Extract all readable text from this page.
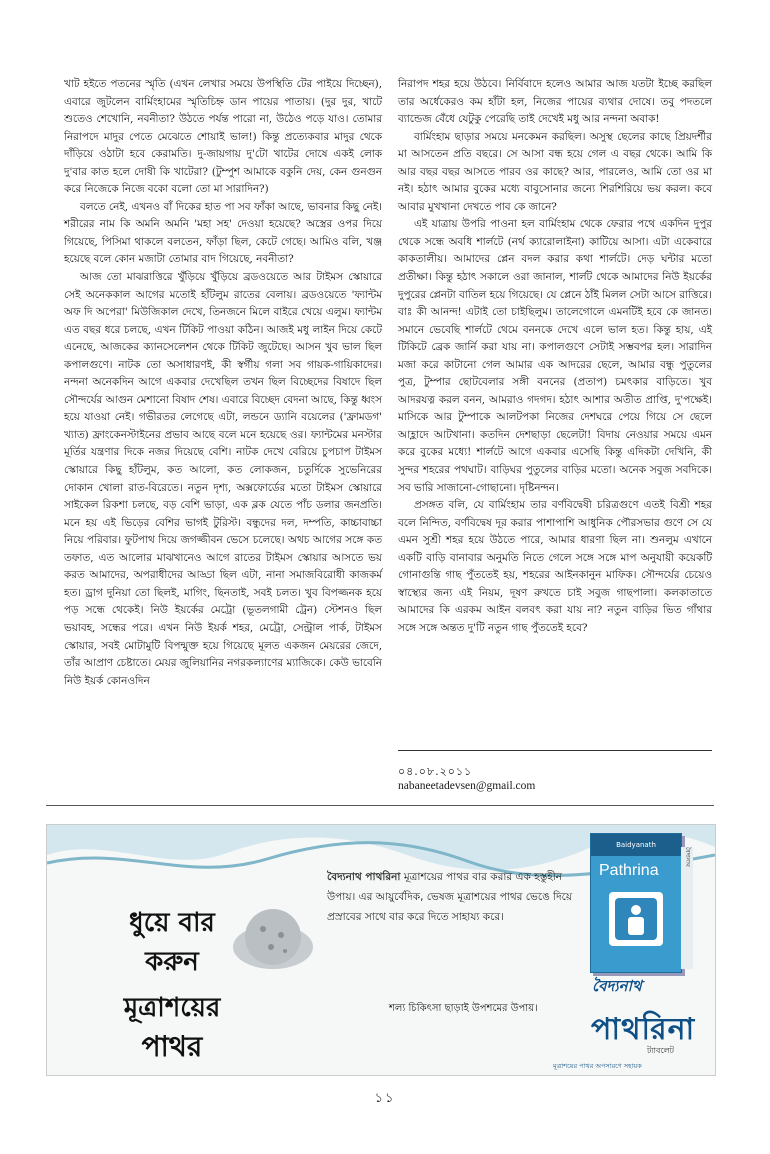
খাট হইতে পতনের স্মৃতি (এখন লেখার সময়ে উপস্থিতি টের পাইয়ে দিচ্ছেন), এবারে জুটলেন বার্মিংহামের স্মৃতিচিহ্ন ডান পায়ের পাতায়। (দুর দুর, খাটে শুতেও শেখোনি, নবনীতা? উঠতে পর্যন্ত পারো না, উঠেও পড়ে যাও। তোমার নিরাপদে মাদুর পেতে মেঝেতে শোয়াই ভাল!) কিন্তু প্রত্যেকবার মাদুর থেকে দাঁড়িয়ে ওঠাটা হবে কেরামতি। দু-জায়গায় দু'টো খাটের দোষে একই লোক দু'বার কাত হলে দোষী কি খাটেরা? (টুম্পুশ আমাকে বকুনি দেয়, কেন গুনগুন করে নিজেকে নিজে বকো বলো তো মা সারাদিন?)

বলতে নেই, এখনও বাঁ দিকের হাত পা সব ফাঁকা আছে, ভাবনার কিছু নেই। শরীরের নাম কি অমনি অমনি 'মহা সহ' দেওয়া হয়েছে? অস্ত্রের ওপর দিয়ে গিয়েছে, পিসিমা থাকলে বলতেন, ফাঁড়া ছিল, কেটে গেছে। আমিও বলি, খঞ্জ হয়েছে বলে কোন মজাটা তোমার বাদ গিয়েছে, নবনীতা?

আজ তো মাঝরাত্তিরে খুঁড়িয়ে খুঁড়িয়ে ব্রডওয়েতে আর টাইমস স্কোয়ারে সেই অনেককাল আগের মতোই হাঁটলুম রাতের বেলায়। ব্রডওয়েতে 'ফ্যান্টম অফ দি অপেরা' মিউজিকাল দেখে, তিনজনে মিলে বাইরে খেয়ে এলুম। ফ্যান্টম এত বছর ধরে চলছে, এখন টিকিট পাওয়া কঠিন। আজই মধু লাইন দিয়ে কেটে এনেছে, আজকের ক্যানসেলেশন থেকে টিকিট জুটেছে। আসন খুব ভাল ছিল কপালগুণে। নাটক তো অসাধারণই, কী স্বর্গীয় গলা সব গায়ক-গায়িকাদের। নন্দনা অনেকদিন আগে একবার দেখেছিল তখন ছিল বিচ্ছেদের বিষাদে ছিল সৌন্দর্যের আগুন মেশানো বিষাদ শেষ। এবারে বিচ্ছেদ বেদনা আছে, কিন্তু ধ্বংস হয়ে যাওয়া নেই। গভীরতর লেগেছে এটা, লন্ডনে ড্যানি বয়েলের ('ফ্রামডগ' খ্যাত) ফ্রাংকেনস্টাইনের প্রভাব আছে বলে মনে হয়েছে ওর। ফ্যান্টমের মনস্টার মূর্তির যন্ত্রণার দিকে নজর দিয়েছে বেশি। নাটক দেখে বেরিয়ে চুপচাপ টাইমস স্কোয়ারে কিছু হাঁটলুম, কত আলো, কত লোকজন, চতুর্দিকে সুভেনিরের দোকান খোলা রাত-বিরেতে। নতুন দৃশ্য, অক্সফোর্ডের মতো টাইমস স্কোয়ারে সাইকেল রিকশা চলছে, বড় বেশি ভাড়া, এক ব্লক যেতে পাঁচ ডলার জনপ্রতি। মনে হয় এই ভিড়ের বেশির ভাগই টুরিস্ট। বন্ধুদের দল, দম্পতি, কাচ্চাবাচ্চা নিয়ে পরিবার। ফুটপাথ দিয়ে জগজ্জীবন ভেসে চলেছে। অথচ আগের সঙ্গে কত তফাত, এত আলোর মাঝখানেও আগে রাতের টাইমস স্কোয়ার আসতে ভয় করত আমাদের, অপরাধীদের আড্ডা ছিল এটা, নানা সমাজবিরোধী কাজকর্ম হত। ড্রাগ দুনিয়া তো ছিলই, মাগিং, ছিনতাই, সবই চলত। খুব বিপজ্জনক হয়ে পড় সন্ধে থেকেই। নিউ ইয়র্কের মেট্রো (ভূতলগামী ট্রেন) স্টেশনও ছিল ভয়াবহ, সন্ধের পরে। এখন নিউ ইয়র্ক শহর, মেট্রো, সেন্ট্রাল পার্ক, টাইমস স্কোয়ার, সবই মোটামুটি বিপন্মুক্ত হয়ে গিয়েছে মূলত একজন মেয়রের জেদে, তাঁর আপ্রাণ চেষ্টাতে। মেয়র জুলিয়ানির নগরকল্যাণের ম্যাজিকে। কেউ ভাবেনি নিউ ইয়র্ক কোনওদিন

নিরাপদ শহর হয়ে উঠবে। নির্বিবাদে হলেও আমার আজ যতটা ইচ্ছে করছিল তার অর্ধেকেরও কম হাঁটা হল, নিজের পায়ের ব্যথার দোষে। তবু পদতলে ব্যান্ডেজ বেঁধে যেটুকু পেরেছি তাই দেখেই মধু আর নন্দনা অবাক!

বার্মিংহাম ছাড়ার সময়ে মনকেমন করছিল। অসুস্থ ছেলের কাছে প্রিয়দর্শীর মা আসতেন প্রতি বছরে। সে আসা বন্ধ হয়ে গেল এ বছর থেকে। আমি কি আর বছর বছর আসতে পারব ওর কাছে? আর, পারলেও, আমি তো ওর মা নই। হঠাৎ আমার বুকের মধ্যে বাবুসোনার জন্যে শিরশিরিয়ে ভয় করল। কবে আবার মুখখানা দেখতে পাব কে জানে?

এই যাত্রায় উপরি পাওনা হল বার্মিংহাম থেকে ফেরার পথে একদিন দুপুর থেকে সন্ধে অবধি শার্লটে (নর্থ ক্যারোলাইনা) কাটিয়ে আসা। এটা একেবারে কাকতালীয়। আমাদের প্লেন বদল করার কথা শার্লটে। দেড় ঘন্টার মতো প্রতীক্ষা। কিন্তু হঠাৎ সকালে ওরা জানাল, শার্লট থেকে আমাদের নিউ ইয়র্কের দুপুরের প্লেনটা বাতিল হয়ে গিয়েছে। যে প্লেনে ঠাঁই মিলল সেটা আসে রাত্তিরে। বাঃ কী আনন্দ! এটাই তো চাইছিলুম। তালেগোলে এমনটিই হবে কে জানত। সমানে ভেবেছি শার্লটে থেমে বননকে দেখে এলে ভাল হত। কিন্তু হায়, এই টিকিটে ব্রেক জার্নি করা যায় না। কপালগুণে সেটাই সম্ভবপর হল। সারাদিন মজা করে কাটানো গেল আমার এক আদরের ছেলে, আমার বন্ধু পুতুলের পুত্র, টুম্পার ছোটবেলার সঙ্গী বননের (প্রতাপ) চমৎকার বাড়িতে। খুব আদরযত্ন করল বনন, আমরাও গদগদ। হঠাৎ আশার অতীত প্রাপ্তি, দু'পক্ষেই। মাসিকে আর টুম্পাকে আলটপকা নিজের দেশঘরে পেয়ে গিয়ে সে ছেলে আহ্লাদে আটখানা। কতদিন দেশছাড়া ছেলেটা! বিদায় নেওয়ার সময়ে এমন করে বুকের মধ্যে! শার্লটে আগে একবার এসেছি কিন্তু এদিকটা দেখিনি, কী সুন্দর শহরের পথঘাট। বাড়িঘর পুতুলের বাড়ির মতো। অনেক সবুজ সবদিকে। সব ভারি সাজানো-গোছানো। দৃষ্টিনন্দন।

প্রসঙ্গত বলি, যে বার্মিংহাম তার বর্ণবিদ্বেষী চরিত্রগুণে এতই বিশ্রী শহর বলে নিন্দিত, বর্ণবিদ্বেষ দূর করার পাশাপাশি আধুনিক পৌরসভার গুণে সে যে এমন সুশ্রী শহর হয়ে উঠতে পারে, আমার ধারণা ছিল না। শুনলুম এখানে একটি বাড়ি বানাবার অনুমতি নিতে গেলে সঙ্গে সঙ্গে মাপ অনুযায়ী কয়েকটি গোনাগুন্তি গাছ পুঁততেই হয়, শহরের আইনকানুন মাফিক। সৌন্দর্যের চেয়েও স্বাস্থ্যের জন্য এই নিয়ম, দূষণ রুখতে চাই সবুজ গাছপালা। কলকাতাতে আমাদের কি এরকম আইন বলবৎ করা যায় না? নতুন বাড়ির ভিত গাঁথার সঙ্গে সঙ্গে অন্তত দু'টি নতুন গাছ পুঁততেই হবে?

০৪.০৮.২০১১
nabaneetadevsen@gmail.com
ধুয়ে বার
করুন
মূত্রাশয়ের
পাথর
বৈদ্যনাথ পাথরিনা মূত্রাশয়ের পাথর বার করার এক হস্তুহীন উপায়। এর আয়ুর্বেদিক, ভেষজ মূত্রাশয়ের পাথর ভেঙে দিয়ে প্রস্রাবের সাথে বার করে দিতে সাহায্য করে।
শল্য চিকিৎসা ছাড়াই উপশমের উপায়।
Baidyanath
Pathrina
বৈদ্যনাথ
বৈদ্যনাথ
পাথরিনা
ট্যাবলেট
মূত্রাশয়ের পাথর অপসারণে সহায়ক
১১
